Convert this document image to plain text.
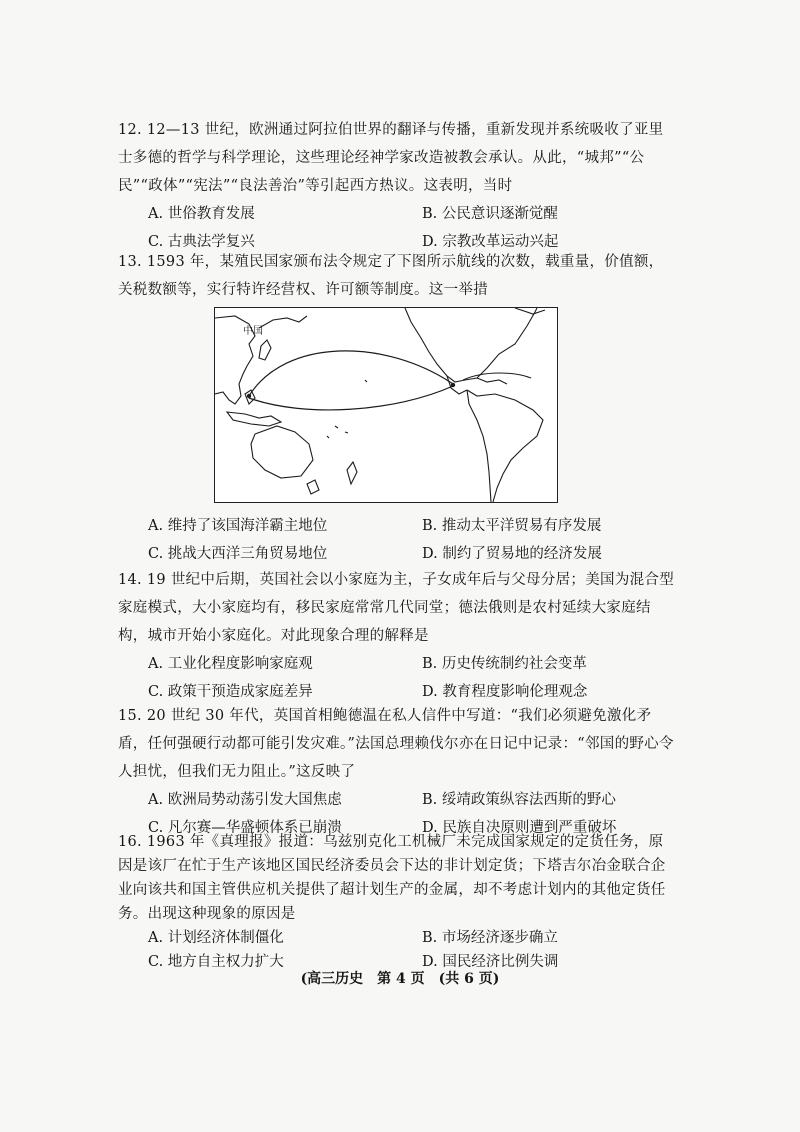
12. 12—13 世纪，欧洲通过阿拉伯世界的翻译与传播，重新发现并系统吸收了亚里士多德的哲学与科学理论，这些理论经神学家改造被教会承认。从此，“城邦”“公民”“政体”“宪法”“良法善治”等引起西方热议。这表明，当时

A. 世俗教育发展	B. 公民意识逐渐觉醒
C. 古典法学复兴	D. 宗教改革运动兴起

13. 1593 年，某殖民国家颁布法令规定了下图所示航线的次数，载重量，价值额，关税数额等，实行特许经营权、许可额等制度。这一举措

中国
A. 维持了该国海洋霸主地位	B. 推动太平洋贸易有序发展
C. 挑战大西洋三角贸易地位	D. 制约了贸易地的经济发展

14. 19 世纪中后期，英国社会以小家庭为主，子女成年后与父母分居；美国为混合型家庭模式，大小家庭均有，移民家庭常常几代同堂；德法俄则是农村延续大家庭结构，城市开始小家庭化。对此现象合理的解释是

A. 工业化程度影响家庭观	B. 历史传统制约社会变革
C. 政策干预造成家庭差异	D. 教育程度影响伦理观念

15. 20 世纪 30 年代，英国首相鲍德温在私人信件中写道：“我们必须避免激化矛盾，任何强硬行动都可能引发灾难。”法国总理赖伐尔亦在日记中记录：“邻国的野心令人担忧，但我们无力阻止。”这反映了

A. 欧洲局势动荡引发大国焦虑	B. 绥靖政策纵容法西斯的野心
C. 凡尔赛—华盛顿体系已崩溃	D. 民族自决原则遭到严重破坏

16. 1963 年《真理报》报道：乌兹别克化工机械厂未完成国家规定的定货任务，原因是该厂在忙于生产该地区国民经济委员会下达的非计划定货；下塔吉尔冶金联合企业向该共和国主管供应机关提供了超计划生产的金属，却不考虑计划内的其他定货任务。出现这种现象的原因是

A. 计划经济体制僵化	B. 市场经济逐步确立
C. 地方自主权力扩大	D. 国民经济比例失调
(高三历史　第 4 页　(共 6 页)
